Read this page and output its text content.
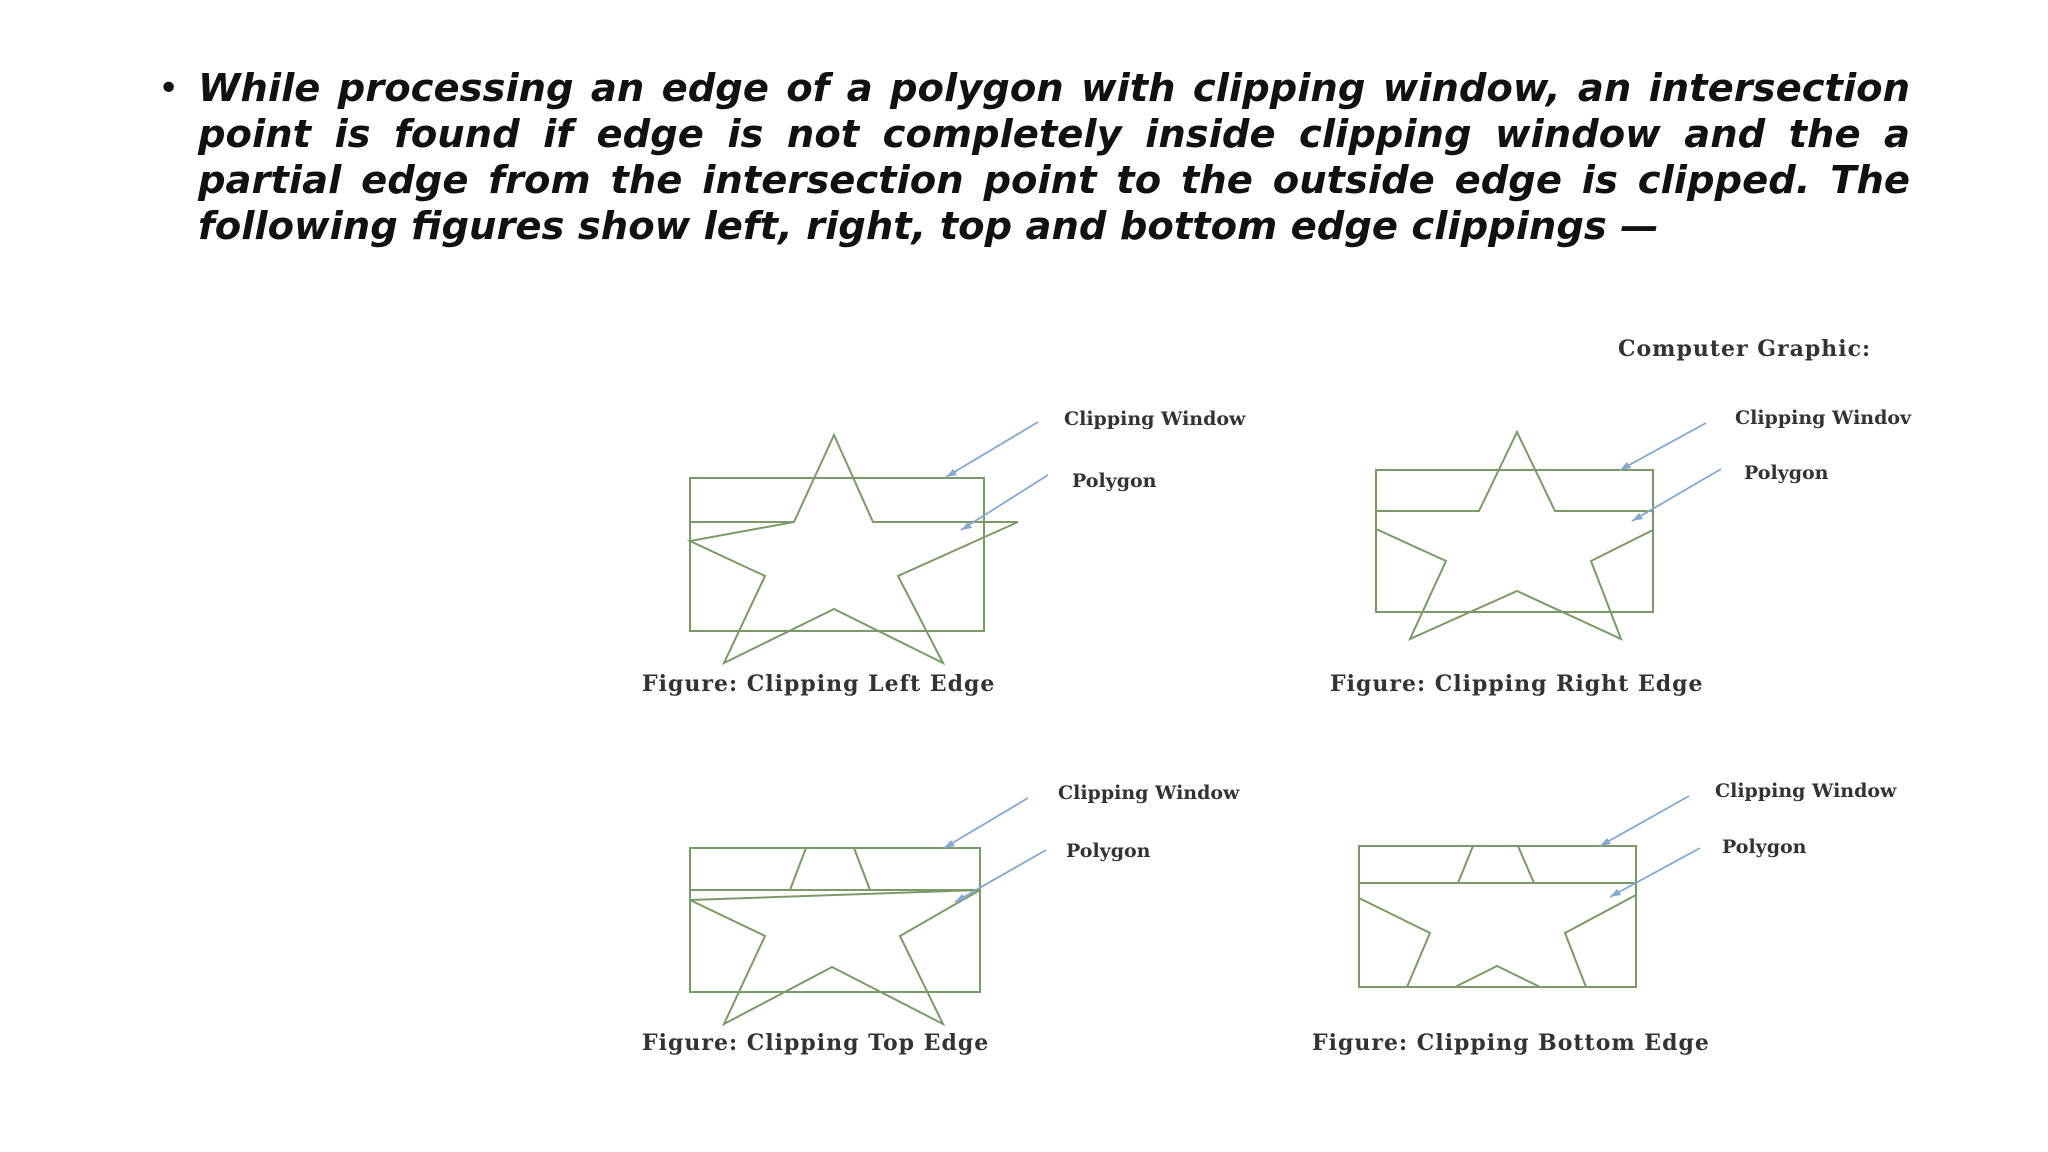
• While processing an edge of a polygon with clipping window, an intersection point is found if edge is not completely inside clipping window and the a partial edge from the intersection point to the outside edge is clipped. The following figures show left, right, top and bottom edge clippings —
Computer Graphic:
Clipping Window
Polygon
Figure: Clipping Left Edge
Clipping Windov
Polygon
Figure: Clipping Right Edge
Clipping Window
Polygon
Figure: Clipping Top Edge
Clipping Window
Polygon
Figure: Clipping Bottom Edge
